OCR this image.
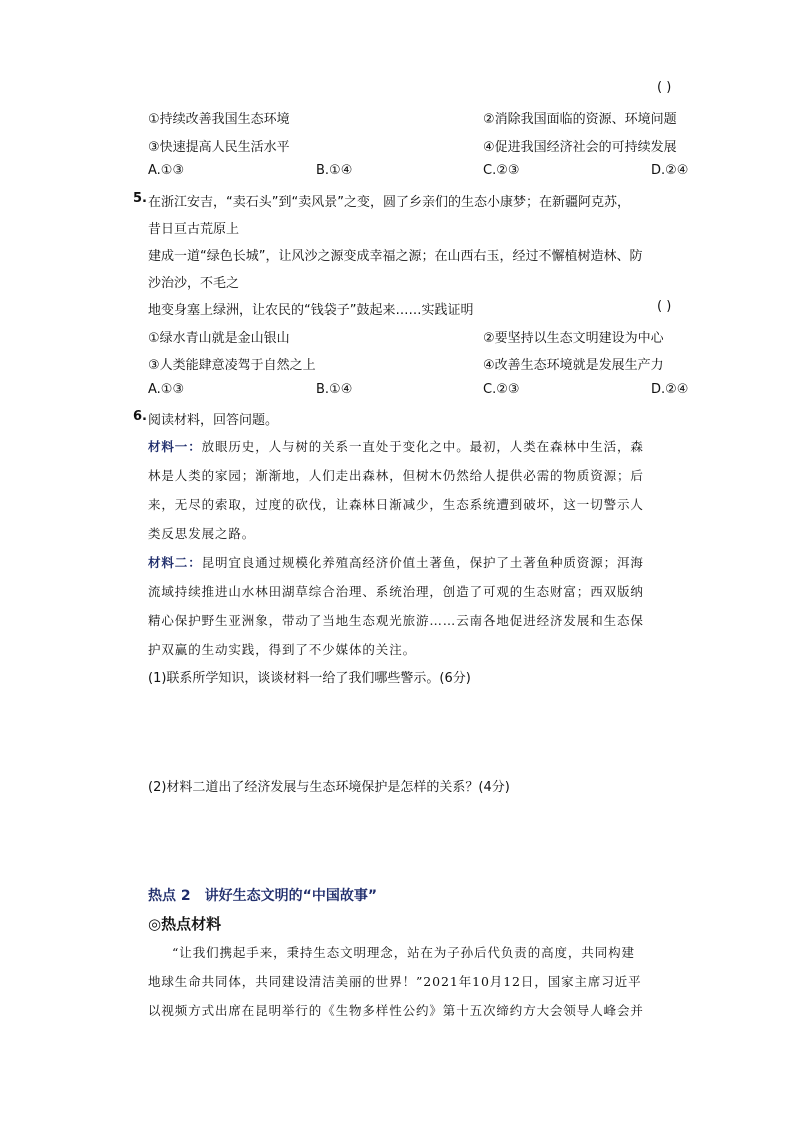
( )
①持续改善我国生态环境	②消除我国面临的资源、环境问题
③快速提高人民生活水平	④促进我国经济社会的可持续发展
A.①③	B.①④	C.②③	D.②④
5. 在浙江安吉，“卖石头”到“卖风景”之变，圆了乡亲们的生态小康梦；在新疆阿克苏，
昔日亘古荒原上
建成一道“绿色长城”，让风沙之源变成幸福之源；在山西右玉，经过不懈植树造林、防
沙治沙，不毛之
地变身塞上绿洲，让农民的“钱袋子”鼓起来……实践证明	( )
①绿水青山就是金山银山	②要坚持以生态文明建设为中心
③人类能肆意凌驾于自然之上	④改善生态环境就是发展生产力
A.①③	B.①④	C.②③	D.②④
6. 阅读材料，回答问题。
材料一：放眼历史，人与树的关系一直处于变化之中。最初，人类在森林中生活，森
林是人类的家园；渐渐地，人们走出森林，但树木仍然给人提供必需的物质资源；后
来，无尽的索取，过度的砍伐，让森林日渐减少，生态系统遭到破坏，这一切警示人
类反思发展之路。
材料二：昆明宜良通过规模化养殖高经济价值土著鱼，保护了土著鱼种质资源；洱海
流域持续推进山水林田湖草综合治理、系统治理，创造了可观的生态财富；西双版纳
精心保护野生亚洲象，带动了当地生态观光旅游……云南各地促进经济发展和生态保
护双赢的生动实践，得到了不少媒体的关注。
(1)联系所学知识，谈谈材料一给了我们哪些警示。(6分)
(2)材料二道出了经济发展与生态环境保护是怎样的关系？(4分)
热点 2　讲好生态文明的“中国故事”
◎热点材料
“让我们携起手来，秉持生态文明理念，站在为子孙后代负责的高度，共同构建
地球生命共同体，共同建设清洁美丽的世界！”2021年10月12日，国家主席习近平
以视频方式出席在昆明举行的《生物多样性公约》第十五次缔约方大会领导人峰会并
